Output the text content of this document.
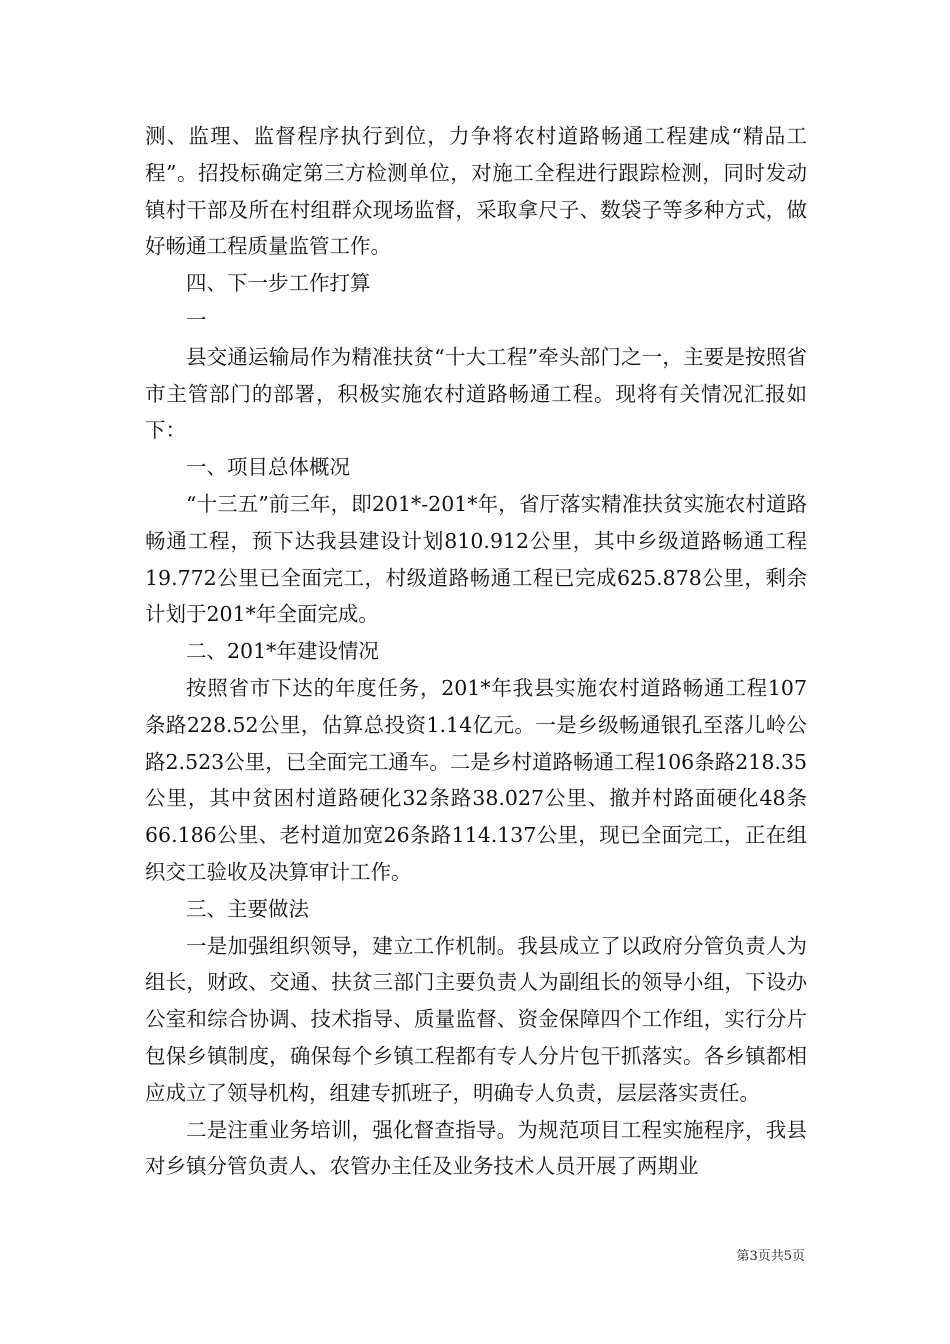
测、监理、监督程序执行到位，力争将农村道路畅通工程建成“精品工程”。招投标确定第三方检测单位，对施工全程进行跟踪检测，同时发动镇村干部及所在村组群众现场监督，采取拿尺子、数袋子等多种方式，做好畅通工程质量监管工作。

四、下一步工作打算

一

县交通运输局作为精准扶贫“十大工程”牵头部门之一，主要是按照省市主管部门的部署，积极实施农村道路畅通工程。现将有关情况汇报如下：

一、项目总体概况

“十三五”前三年，即201*-201*年，省厅落实精准扶贫实施农村道路畅通工程，预下达我县建设计划810.912公里，其中乡级道路畅通工程19.772公里已全面完工，村级道路畅通工程已完成625.878公里，剩余计划于201*年全面完成。

二、201*年建设情况

按照省市下达的年度任务，201*年我县实施农村道路畅通工程107条路228.52公里，估算总投资1.14亿元。一是乡级畅通银孔至落儿岭公路2.523公里，已全面完工通车。二是乡村道路畅通工程106条路218.35公里，其中贫困村道路硬化32条路38.027公里、撤并村路面硬化48条66.186公里、老村道加宽26条路114.137公里，现已全面完工，正在组织交工验收及决算审计工作。

三、主要做法

一是加强组织领导，建立工作机制。我县成立了以政府分管负责人为组长，财政、交通、扶贫三部门主要负责人为副组长的领导小组，下设办公室和综合协调、技术指导、质量监督、资金保障四个工作组，实行分片包保乡镇制度，确保每个乡镇工程都有专人分片包干抓落实。各乡镇都相应成立了领导机构，组建专抓班子，明确专人负责，层层落实责任。

二是注重业务培训，强化督查指导。为规范项目工程实施程序，我县对乡镇分管负责人、农管办主任及业务技术人员开展了两期业

第3页共5页
